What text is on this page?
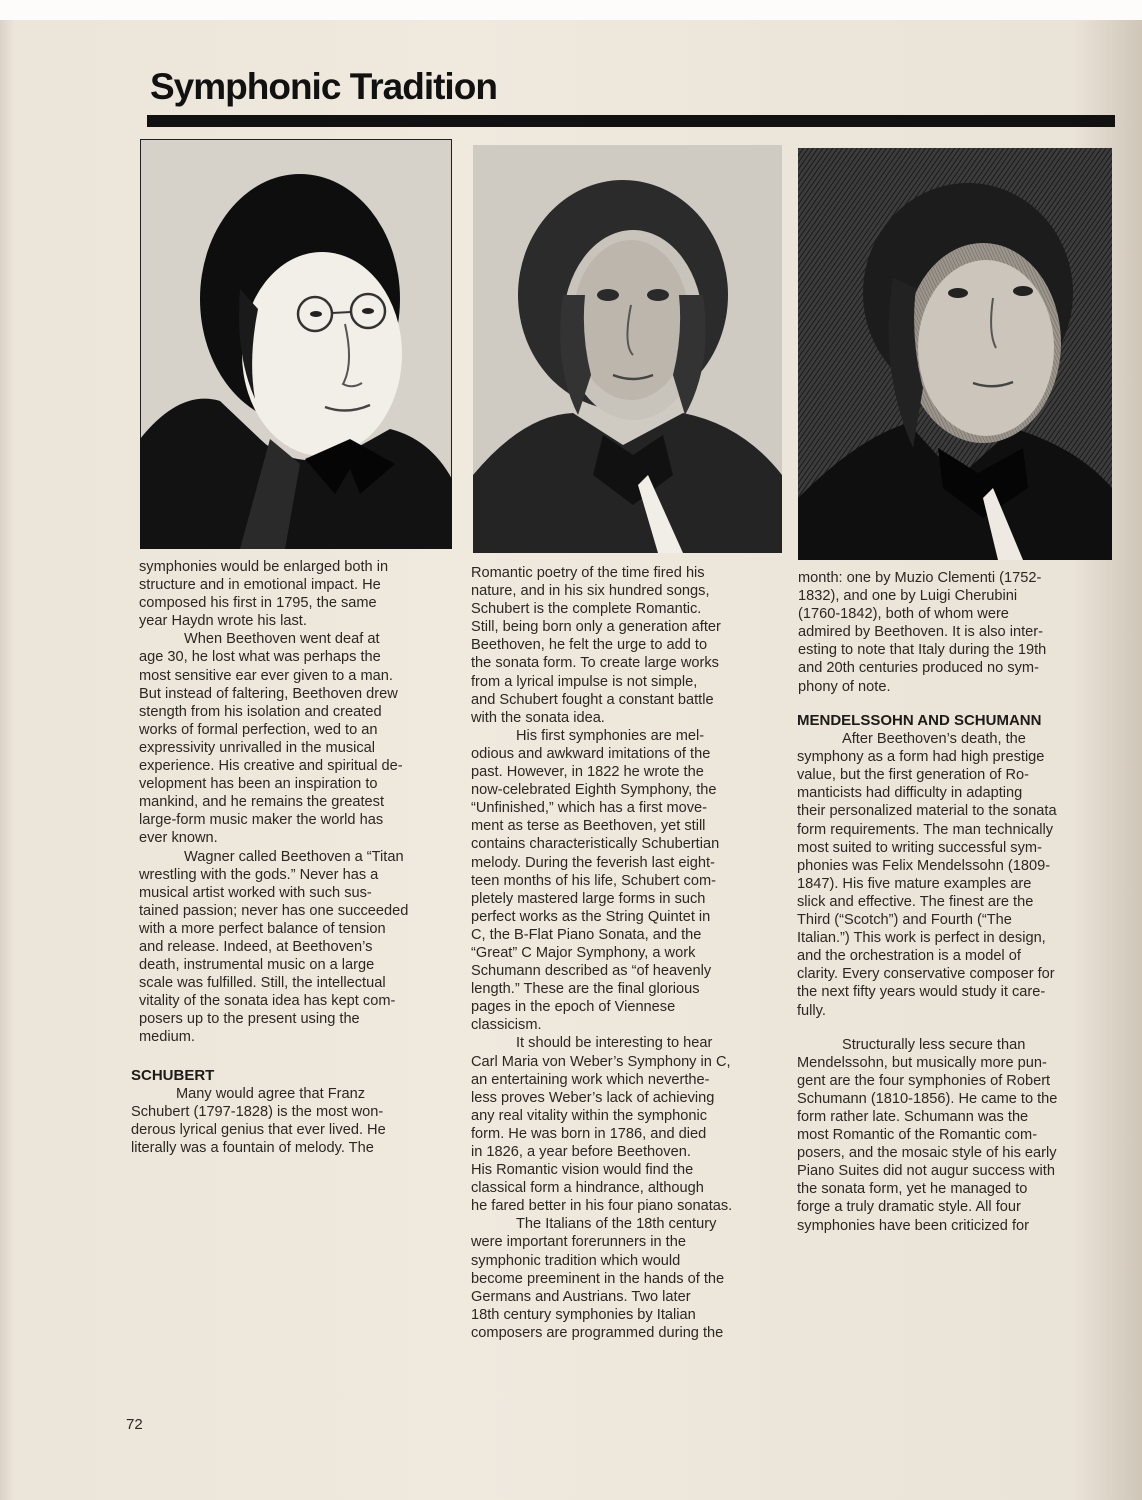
Symphonic Tradition
symphonies would be enlarged both in
structure and in emotional impact. He
composed his first in 1795, the same
year Haydn wrote his last.
When Beethoven went deaf at
age 30, he lost what was perhaps the
most sensitive ear ever given to a man.
But instead of faltering, Beethoven drew
stength from his isolation and created
works of formal perfection, wed to an
expressivity unrivalled in the musical
experience. His creative and spiritual de-
velopment has been an inspiration to
mankind, and he remains the greatest
large-form music maker the world has
ever known.
Wagner called Beethoven a “Titan
wrestling with the gods.” Never has a
musical artist worked with such sus-
tained passion; never has one succeeded
with a more perfect balance of tension
and release. Indeed, at Beethoven’s
death, instrumental music on a large
scale was fulfilled. Still, the intellectual
vitality of the sonata idea has kept com-
posers up to the present using the
medium.
SCHUBERT
Many would agree that Franz
Schubert (1797-1828) is the most won-
derous lyrical genius that ever lived. He
literally was a fountain of melody. The
Romantic poetry of the time fired his
nature, and in his six hundred songs,
Schubert is the complete Romantic.
Still, being born only a generation after
Beethoven, he felt the urge to add to
the sonata form. To create large works
from a lyrical impulse is not simple,
and Schubert fought a constant battle
with the sonata idea.
His first symphonies are mel-
odious and awkward imitations of the
past. However, in 1822 he wrote the
now-celebrated Eighth Symphony, the
“Unfinished,” which has a first move-
ment as terse as Beethoven, yet still
contains characteristically Schubertian
melody. During the feverish last eight-
teen months of his life, Schubert com-
pletely mastered large forms in such
perfect works as the String Quintet in
C, the B-Flat Piano Sonata, and the
“Great” C Major Symphony, a work
Schumann described as “of heavenly
length.” These are the final glorious
pages in the epoch of Viennese
classicism.
It should be interesting to hear
Carl Maria von Weber’s Symphony in C,
an entertaining work which neverthe-
less proves Weber’s lack of achieving
any real vitality within the symphonic
form. He was born in 1786, and died
in 1826, a year before Beethoven.
His Romantic vision would find the
classical form a hindrance, although
he fared better in his four piano sonatas.
The Italians of the 18th century
were important forerunners in the
symphonic tradition which would
become preeminent in the hands of the
Germans and Austrians. Two later
18th century symphonies by Italian
composers are programmed during the
month: one by Muzio Clementi (1752-
1832), and one by Luigi Cherubini
(1760-1842), both of whom were
admired by Beethoven. It is also inter-
esting to note that Italy during the 19th
and 20th centuries produced no sym-
phony of note.
MENDELSSOHN AND SCHUMANN
After Beethoven’s death, the
symphony as a form had high prestige
value, but the first generation of Ro-
manticists had difficulty in adapting
their personalized material to the sonata
form requirements. The man technically
most suited to writing successful sym-
phonies was Felix Mendelssohn (1809-
1847). His five mature examples are
slick and effective. The finest are the
Third (“Scotch”) and Fourth (“The
Italian.”) This work is perfect in design,
and the orchestration is a model of
clarity. Every conservative composer for
the next fifty years would study it care-
fully.
Structurally less secure than
Mendelssohn, but musically more pun-
gent are the four symphonies of Robert
Schumann (1810-1856). He came to the
form rather late. Schumann was the
most Romantic of the Romantic com-
posers, and the mosaic style of his early
Piano Suites did not augur success with
the sonata form, yet he managed to
forge a truly dramatic style. All four
symphonies have been criticized for
72
